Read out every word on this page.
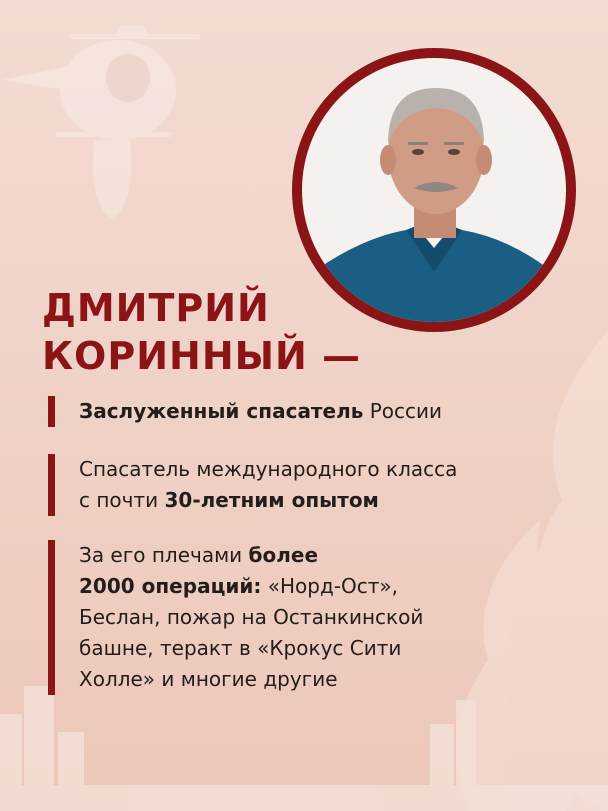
ДМИТРИЙ
КОРИННЫЙ —
Заслуженный спасатель России
Спасатель международного класса
с почти 30-летним опытом
За его плечами более
2000 операций: «Норд-Ост»,
Беслан, пожар на Останкинской
башне, теракт в «Крокус Сити
Холле» и многие другие
